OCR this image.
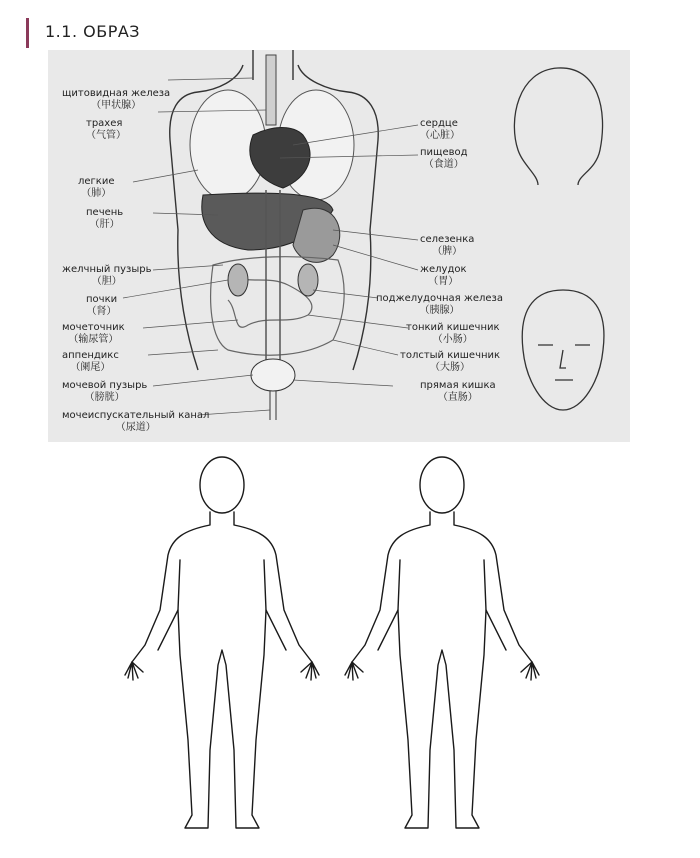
1.1. ОБРАЗ
щитовидная железа
（甲状腺）
трахея
（气管）
легкие
（肺）
печень
（肝）
желчный пузырь
（胆）
почки
（肾）
мочеточник
（输尿管）
аппендикс
（阑尾）
мочевой пузырь
（膀胱）
мочеиспускательный канал
（尿道）
сердце
（心脏）
пищевод
（食道）
селезенка
（脾）
желудок
（胃）
поджелудочная железа
（胰腺）
тонкий кишечник
（小肠）
толстый кишечник
（大肠）
прямая кишка
（直肠）
